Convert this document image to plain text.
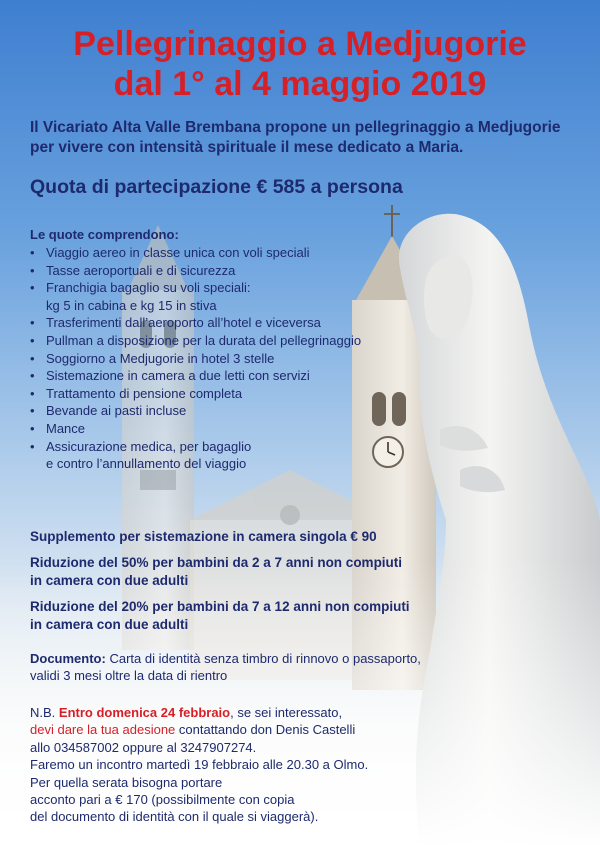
Pellegrinaggio a Medjugorie
dal 1° al 4 maggio 2019
Il Vicariato Alta Valle Brembana propone un pellegrinaggio a Medjugorie
per vivere con intensità spirituale il mese dedicato a Maria.
Quota di partecipazione € 585 a persona
Le quote comprendono:
• Viaggio aereo in classe unica con voli speciali
• Tasse aeroportuali e di sicurezza
• Franchigia bagaglio su voli speciali:
kg 5 in cabina e kg 15 in stiva
• Trasferimenti dall’aeroporto all’hotel e viceversa
• Pullman a disposizione per la durata del pellegrinaggio
• Soggiorno a Medjugorie in hotel 3 stelle
• Sistemazione in camera a due letti con servizi
• Trattamento di pensione completa
• Bevande ai pasti incluse
• Mance
• Assicurazione medica, per bagaglio
e contro l’annullamento del viaggio
Supplemento per sistemazione in camera singola € 90
Riduzione del 50% per bambini da 2 a 7 anni non compiuti
in camera con due adulti
Riduzione del 20% per bambini da 7 a 12 anni non compiuti
in camera con due adulti
Documento: Carta di identità senza timbro di rinnovo o passaporto,
validi 3 mesi oltre la data di rientro
N.B. Entro domenica 24 febbraio, se sei interessato,
devi dare la tua adesione contattando don Denis Castelli
allo 034587002 oppure al 3247907274.
Faremo un incontro martedì 19 febbraio alle 20.30 a Olmo.
Per quella serata bisogna portare
acconto pari a € 170 (possibilmente con copia
del documento di identità con il quale si viaggerà).
